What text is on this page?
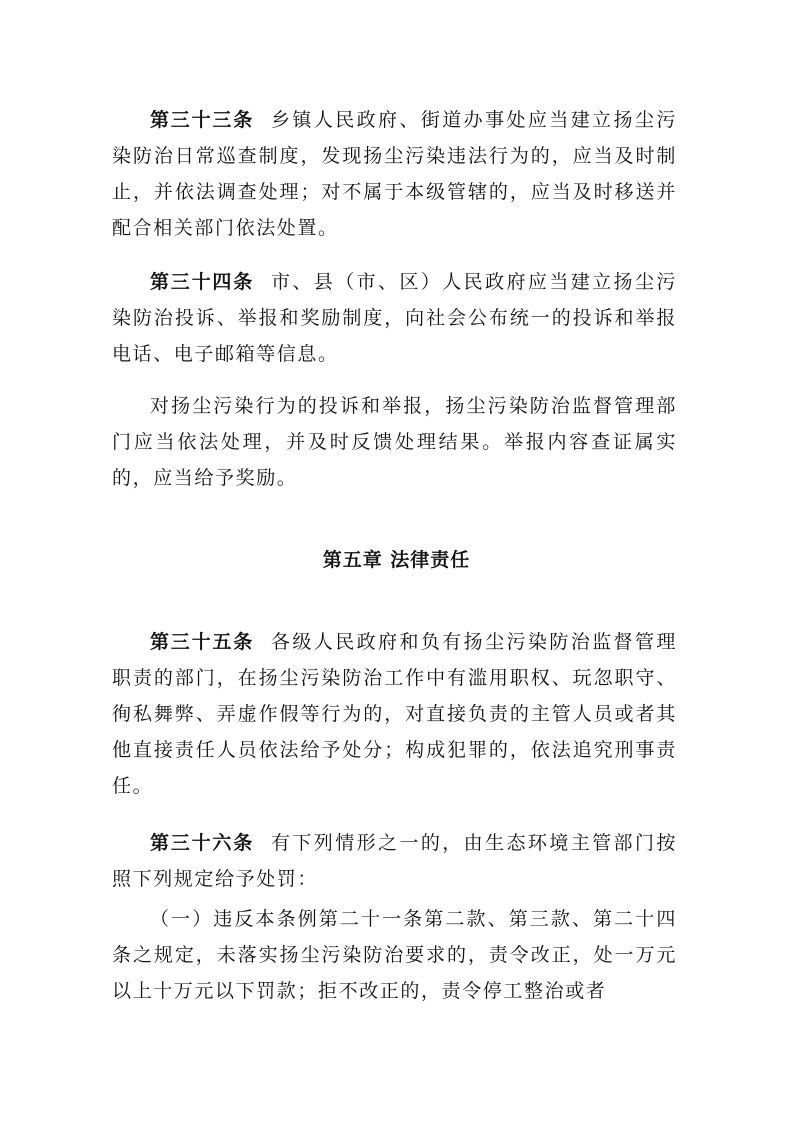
第三十三条 乡镇人民政府、街道办事处应当建立扬尘污染防治日常巡查制度，发现扬尘污染违法行为的，应当及时制止，并依法调查处理；对不属于本级管辖的，应当及时移送并配合相关部门依法处置。

第三十四条 市、县（市、区）人民政府应当建立扬尘污染防治投诉、举报和奖励制度，向社会公布统一的投诉和举报电话、电子邮箱等信息。

对扬尘污染行为的投诉和举报，扬尘污染防治监督管理部门应当依法处理，并及时反馈处理结果。举报内容查证属实的，应当给予奖励。

第五章 法律责任

第三十五条 各级人民政府和负有扬尘污染防治监督管理职责的部门，在扬尘污染防治工作中有滥用职权、玩忽职守、徇私舞弊、弄虚作假等行为的，对直接负责的主管人员或者其他直接责任人员依法给予处分；构成犯罪的，依法追究刑事责任。

第三十六条 有下列情形之一的，由生态环境主管部门按照下列规定给予处罚：

（一）违反本条例第二十一条第二款、第三款、第二十四条之规定，未落实扬尘污染防治要求的，责令改正，处一万元以上十万元以下罚款；拒不改正的，责令停工整治或者
